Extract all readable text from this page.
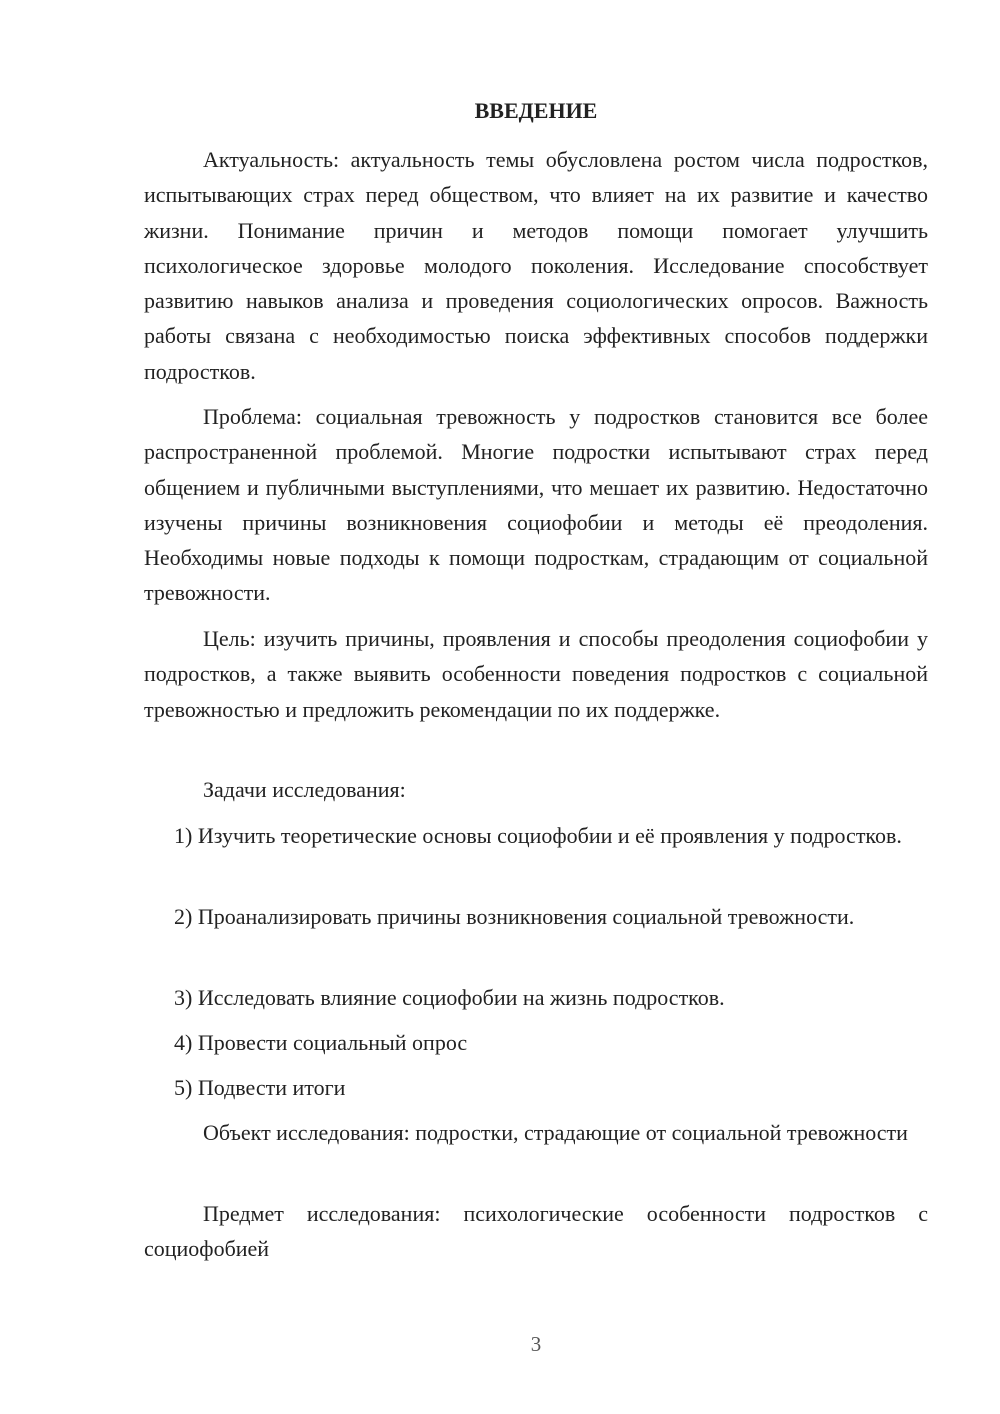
ВВЕДЕНИЕ
Актуальность: актуальность темы обусловлена ростом числа подростков, испытывающих страх перед обществом, что влияет на их развитие и качество жизни. Понимание причин и методов помощи помогает улучшить психологическое здоровье молодого поколения. Исследование способствует развитию навыков анализа и проведения социологических опросов. Важность работы связана с необходимостью поиска эффективных способов поддержки подростков.
Проблема: социальная тревожность у подростков становится все более распространенной проблемой. Многие подростки испытывают страх перед общением и публичными выступлениями, что мешает их развитию. Недостаточно изучены причины возникновения социофобии и методы её преодоления. Необходимы новые подходы к помощи подросткам, страдающим от социальной тревожности.
Цель: изучить причины, проявления и способы преодоления социофобии у подростков, а также выявить особенности поведения подростков с социальной тревожностью и предложить рекомендации по их поддержке.
Задачи исследования:
1) Изучить теоретические основы социофобии и её проявления у подростков.
2) Проанализировать причины возникновения социальной тревожности.
3) Исследовать влияние социофобии на жизнь подростков.
4) Провести социальный опрос
5) Подвести итоги
Объект исследования: подростки, страдающие от социальной тревожности
Предмет исследования: психологические особенности подростков с социофобией
3
